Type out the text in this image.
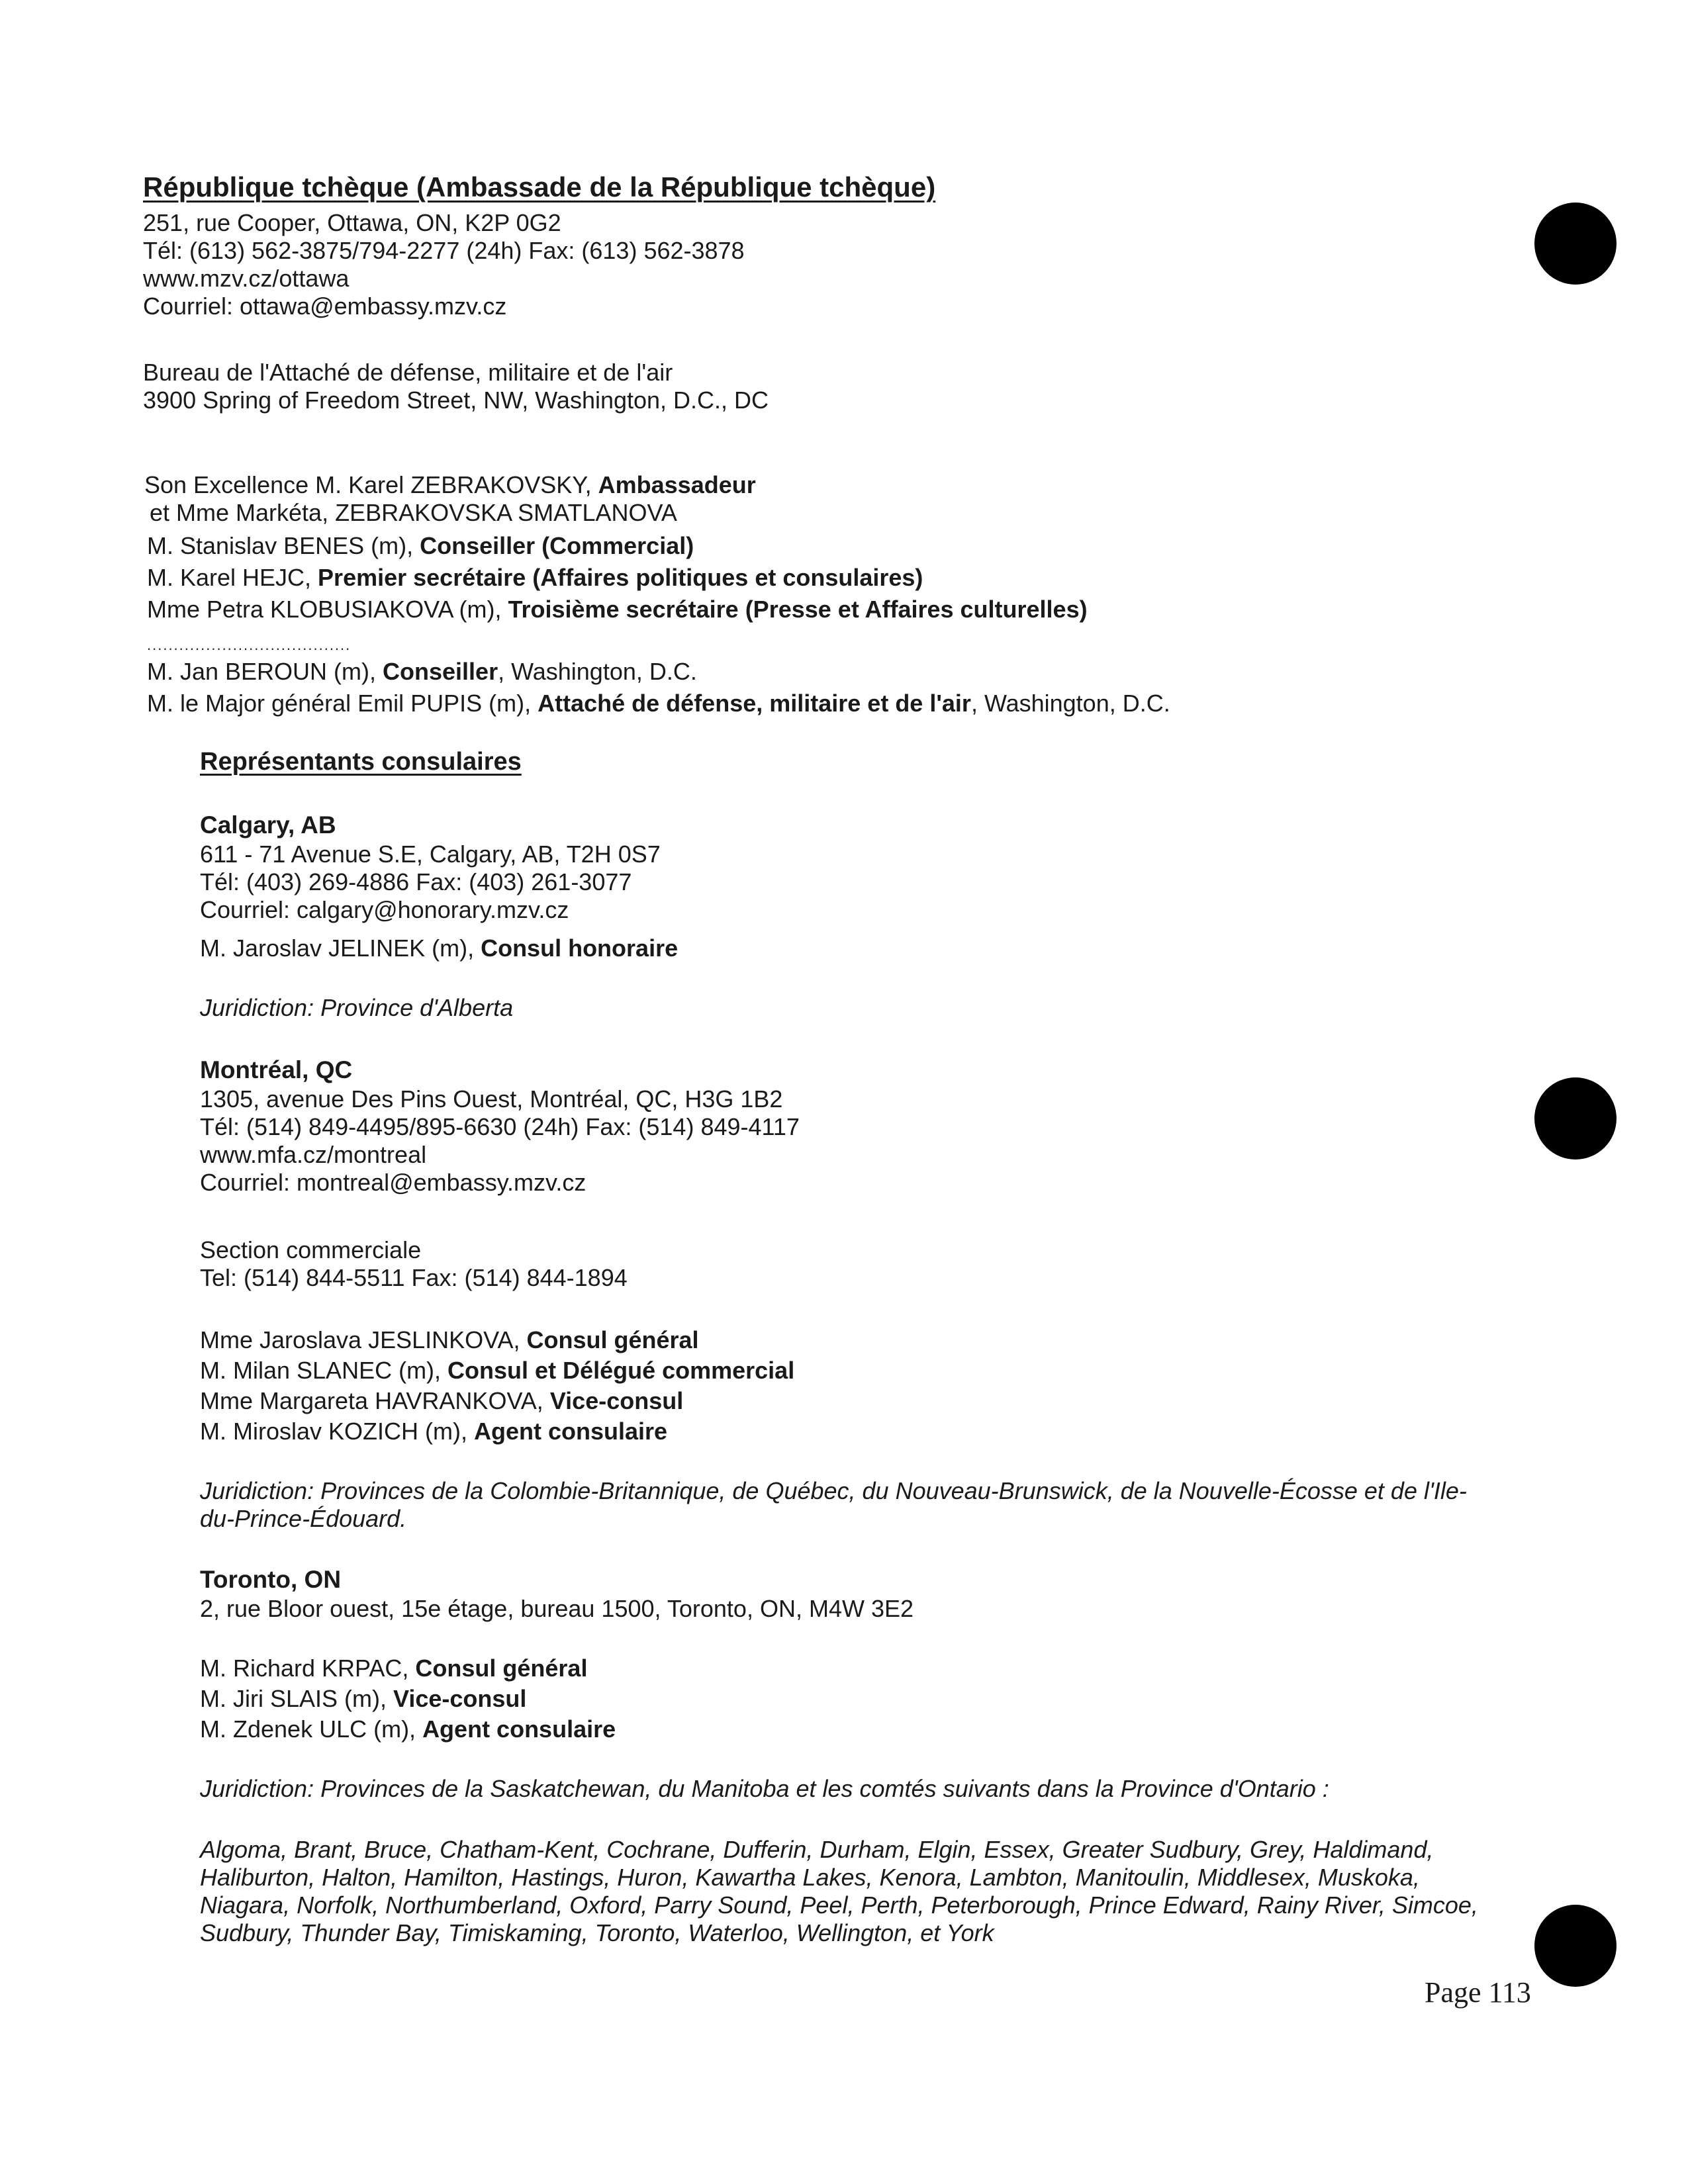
République tchèque (Ambassade de la République tchèque)
251, rue Cooper, Ottawa, ON, K2P 0G2
Tél: (613) 562-3875/794-2277 (24h) Fax: (613) 562-3878
www.mzv.cz/ottawa
Courriel: ottawa@embassy.mzv.cz
Bureau de l'Attaché de défense, militaire et de l'air
3900 Spring of Freedom Street, NW, Washington, D.C., DC
Son Excellence M. Karel ZEBRAKOVSKY, Ambassadeur
et Mme Markéta, ZEBRAKOVSKA SMATLANOVA
M. Stanislav BENES (m), Conseiller (Commercial)
M. Karel HEJC, Premier secrétaire (Affaires politiques et consulaires)
Mme Petra KLOBUSIAKOVA (m), Troisième secrétaire (Presse et Affaires culturelles)
......................................
M. Jan BEROUN (m), Conseiller, Washington, D.C.
M. le Major général Emil PUPIS (m), Attaché de défense, militaire et de l'air, Washington, D.C.
Représentants consulaires
Calgary, AB
611 - 71 Avenue S.E, Calgary, AB, T2H 0S7
Tél: (403) 269-4886 Fax: (403) 261-3077
Courriel: calgary@honorary.mzv.cz
M. Jaroslav JELINEK (m), Consul honoraire
Juridiction: Province d'Alberta
Montréal, QC
1305, avenue Des Pins Ouest, Montréal, QC, H3G 1B2
Tél: (514) 849-4495/895-6630 (24h) Fax: (514) 849-4117
www.mfa.cz/montreal
Courriel: montreal@embassy.mzv.cz
Section commerciale
Tel: (514) 844-5511 Fax: (514) 844-1894
Mme Jaroslava JESLINKOVA, Consul général
M. Milan SLANEC (m), Consul et Délégué commercial
Mme Margareta HAVRANKOVA, Vice-consul
M. Miroslav KOZICH (m), Agent consulaire
Juridiction: Provinces de la Colombie-Britannique, de Québec, du Nouveau-Brunswick, de la Nouvelle-Écosse et de l'Ile-
du-Prince-Édouard.
Toronto, ON
2, rue Bloor ouest, 15e étage, bureau 1500, Toronto, ON, M4W 3E2
M. Richard KRPAC, Consul général
M. Jiri SLAIS (m), Vice-consul
M. Zdenek ULC (m), Agent consulaire
Juridiction: Provinces de la Saskatchewan, du Manitoba et les comtés suivants dans la Province d'Ontario :
Algoma, Brant, Bruce, Chatham-Kent, Cochrane, Dufferin, Durham, Elgin, Essex, Greater Sudbury, Grey, Haldimand,
Haliburton, Halton, Hamilton, Hastings, Huron, Kawartha Lakes, Kenora, Lambton, Manitoulin, Middlesex, Muskoka,
Niagara, Norfolk, Northumberland, Oxford, Parry Sound, Peel, Perth, Peterborough, Prince Edward, Rainy River, Simcoe,
Sudbury, Thunder Bay, Timiskaming, Toronto, Waterloo, Wellington, et York
Page 113
